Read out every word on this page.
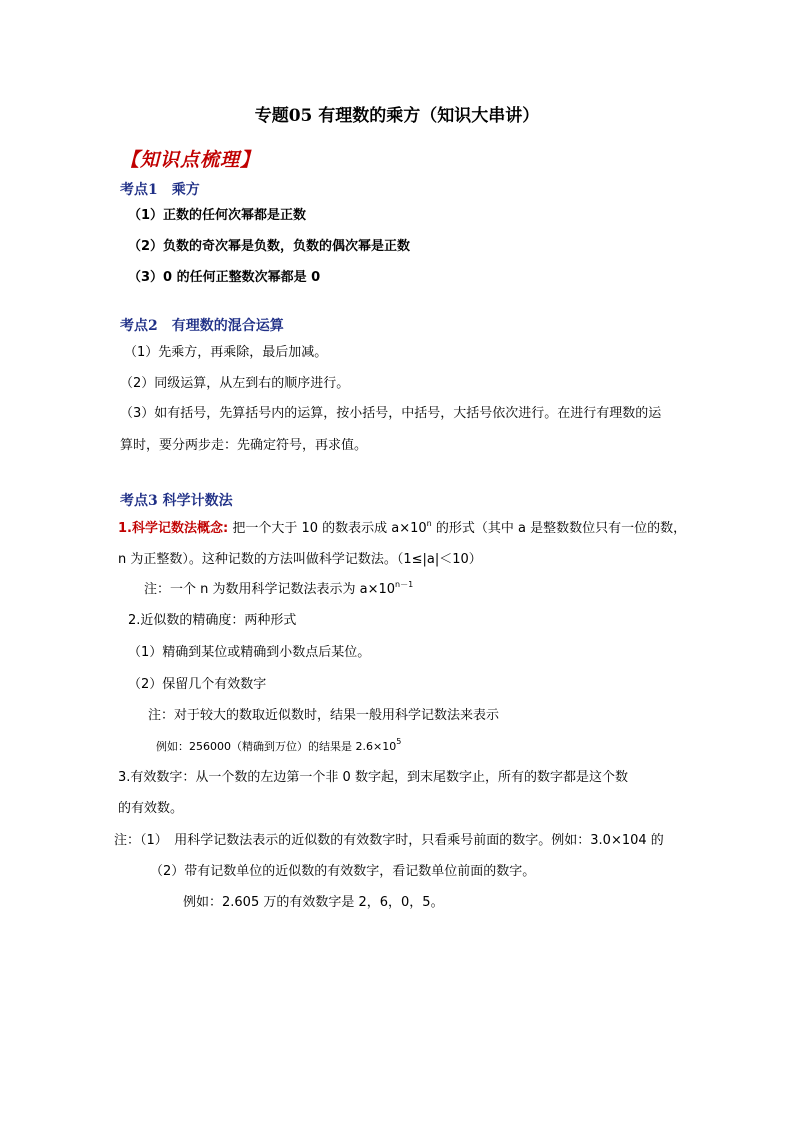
专题05 有理数的乘方（知识大串讲）
【知识点梳理】
考点1　乘方
（1）正数的任何次幂都是正数
（2）负数的奇次幂是负数，负数的偶次幂是正数
（3）0 的任何正整数次幂都是 0
考点2　有理数的混合运算
（1）先乘方，再乘除，最后加减。
（2）同级运算，从左到右的顺序进行。
（3）如有括号，先算括号内的运算，按小括号，中括号，大括号依次进行。在进行有理数的运
算时，要分两步走：先确定符号，再求值。
考点3 科学计数法
1.科学记数法概念: 把一个大于 10 的数表示成 $a\times 10^n$ 的形式（其中 a 是整数数位只有一位的数，
n 为正整数）。这种记数的方法叫做科学记数法。（1≤|a|＜10）
注：一个 n 为数用科学记数法表示为 $a\times 10^{n-1}$
2.近似数的精确度：两种形式
（1）精确到某位或精确到小数点后某位。
（2）保留几个有效数字
注：对于较大的数取近似数时，结果一般用科学记数法来表示
例如：256000（精确到万位）的结果是 $2.6\times 10^5$
3.有效数字：从一个数的左边第一个非 0 数字起，到末尾数字止，所有的数字都是这个数
的有效数。
注：（1）　用科学记数法表示的近似数的有效数字时，只看乘号前面的数字。例如：3.0×104 的
（2）带有记数单位的近似数的有效数字，看记数单位前面的数字。
例如：2.605 万的有效数字是 2，6，0，5。
